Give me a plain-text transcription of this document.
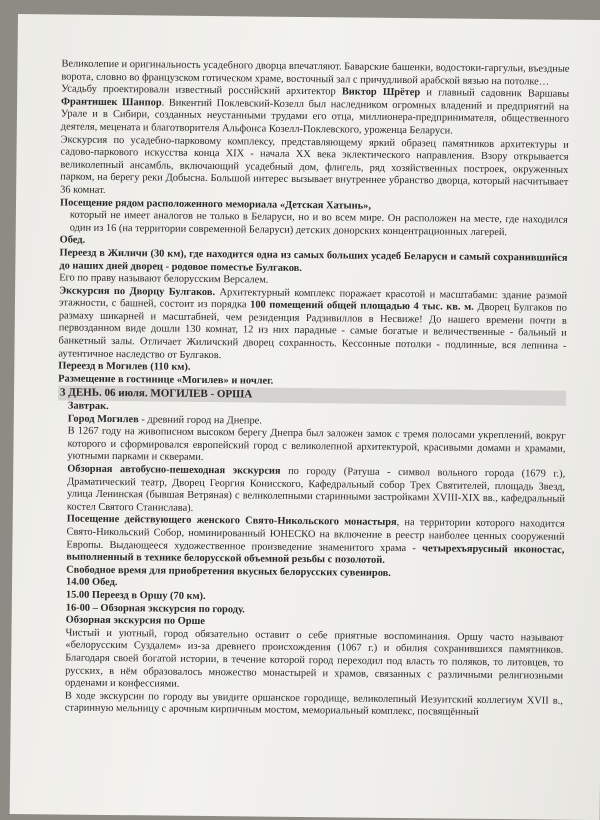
Великолепие и оригинальность усадебного дворца впечатляют. Баварские башенки, водостоки-гаргульи, въездные ворота, словно во французском готическом храме, восточный зал с причудливой арабской вязью на потолке…

Усадьбу проектировали известный российский архитектор Виктор Шрётер и главный садовник Варшавы Франтишек Шанпор. Викентий Поклевский-Козелл был наследником огромных владений и предприятий на Урале и в Сибири, созданных неустанными трудами его отца, миллионера-предпринимателя, общественного деятеля, мецената и благотворителя Альфонса Козелл-Поклевского, уроженца Беларуси.

Экскурсия по усадебно-парковому комплексу, представляющему яркий образец памятников архитектуры и садово-паркового искусства конца XIX - начала XX века эклектического направления. Взору открывается великолепный ансамбль, включающий усадебный дом, флигель, ряд хозяйственных построек, окруженных парком, на берегу реки Добысна. Большой интерес вызывает внутреннее убранство дворца, который насчитывает 36 комнат.

Посещение рядом расположенного мемориала «Детская Хатынь»,

который не имеет аналогов не только в Беларуси, но и во всем мире. Он расположен на месте, где находился один из 16 (на территории современной Беларуси) детских донорских концентрационных лагерей.

Обед.

Переезд в Жиличи (30 км), где находится одна из самых больших усадеб Беларуси и самый сохранившийся до наших дней дворец - родовое поместье Булгаков.

Его по праву называют белорусским Версалем.

Экскурсия по Дворцу Булгаков. Архитектурный комплекс поражает красотой и масштабами: здание размой этажности, с башней, состоит из порядка 100 помещений общей площадью 4 тыс. кв. м. Дворец Булгаков по размаху шикарней и масштабней, чем резиденция Радзивиллов в Несвиже! До нашего времени почти в первозданном виде дошли 130 комнат, 12 из них парадные - самые богатые и величественные - бальный и банкетный залы. Отличает Жиличский дворец сохранность. Кессонные потолки - подлинные, вся лепнина - аутентичное наследство от Булгаков.

Переезд в Могилев (110 км).

Размещение в гостинице «Могилев» и ночлег.

3 ДЕНЬ. 06 июля. МОГИЛЕВ - ОРША

Завтрак.

Город Могилев - древний город на Днепре.

В 1267 году на живописном высоком берегу Днепра был заложен замок с тремя полосами укреплений, вокруг которого и сформировался европейский город с великолепной архитектурой, красивыми домами и храмами, уютными парками и скверами.

Обзорная автобусно-пешеходная экскурсия по городу (Ратуша - символ вольного города (1679 г.), Драматический театр, Дворец Георгия Конисского, Кафедральный собор Трех Святителей, площадь Звезд, улица Ленинская (бывшая Ветряная) с великолепными старинными застройками XVIII-XIX вв., кафедральный костел Святого Станислава).

Посещение действующего женского Свято-Никольского монастыря, на территории которого находится Свято-Никольский Собор, номинированный ЮНЕСКО на включение в реестр наиболее ценных сооружений Европы. Выдающееся художественное произведение знаменитого храма - четырехъярусный иконостас, выполненный в технике белорусской объемной резьбы с позолотой.

Свободное время для приобретения вкусных белорусских сувениров.

14.00 Обед.

15.00 Переезд в Оршу (70 км).

16-00 – Обзорная экскурсия по городу.

Обзорная экскурсия по Орше

Чистый и уютный, город обязательно оставит о себе приятные воспоминания. Оршу часто называют «белорусским Суздалем» из-за древнего происхождения (1067 г.) и обилия сохранившихся памятников. Благодаря своей богатой истории, в течение которой город переходил под власть то поляков, то литовцев, то русских, в нём образовалось множество монастырей и храмов, связанных с различными религиозными орденами и конфессиями.

В ходе экскурсии по городу вы увидите оршанское городище, великолепный Иезуитский коллегиум XVII в., старинную мельницу с арочным кирпичным мостом, мемориальный комплекс, посвящённый
